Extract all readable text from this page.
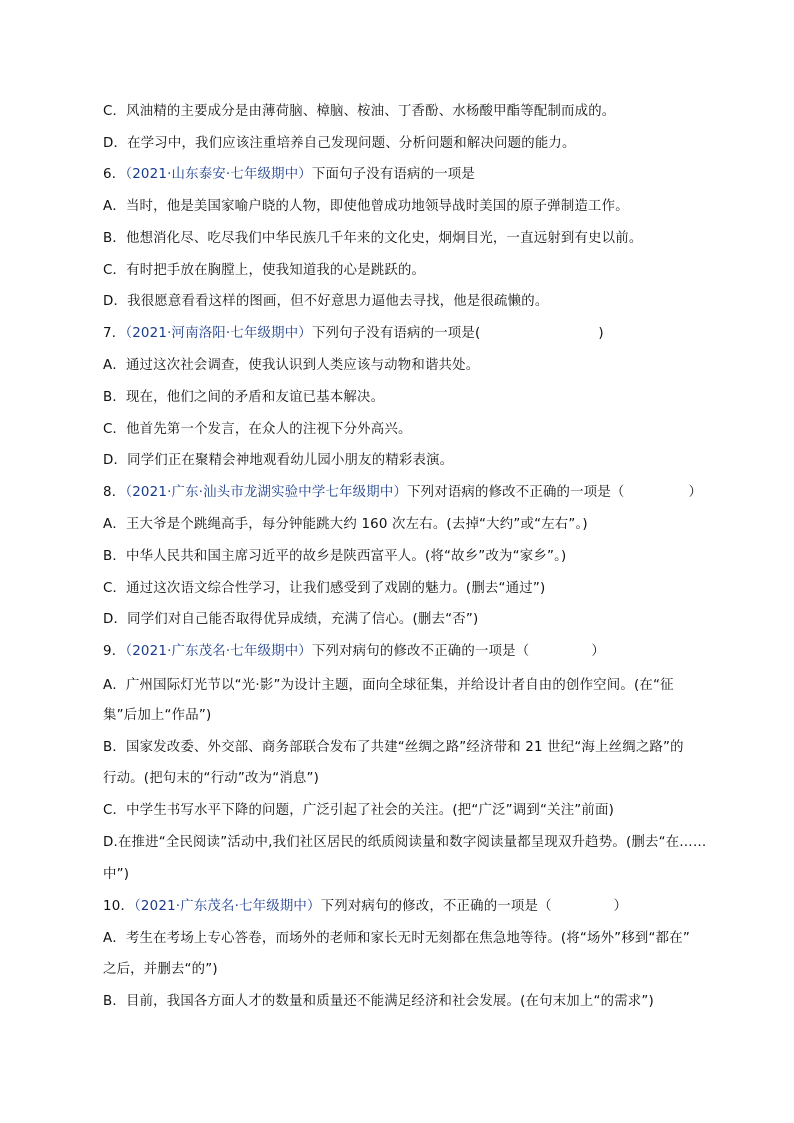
C．风油精的主要成分是由薄荷脑、樟脑、桉油、丁香酚、水杨酸甲酯等配制而成的。
D．在学习中，我们应该注重培养自己发现问题、分析问题和解决问题的能力。
6．（2021·山东泰安·七年级期中）下面句子没有语病的一项是
A．当时，他是美国家喻户晓的人物，即使他曾成功地领导战时美国的原子弹制造工作。
B．他想消化尽、吃尽我们中华民族几千年来的文化史，炯炯目光，一直远射到有史以前。
C．有时把手放在胸膛上，使我知道我的心是跳跃的。
D．我很愿意看看这样的图画，但不好意思力逼他去寻找，他是很疏懒的。
7．（2021·河南洛阳·七年级期中）下列句子没有语病的一项是(	)
A．通过这次社会调查，使我认识到人类应该与动物和谐共处。
B．现在，他们之间的矛盾和友谊已基本解决。
C．他首先第一个发言，在众人的注视下分外高兴。
D．同学们正在聚精会神地观看幼儿园小朋友的精彩表演。
8．（2021·广东·汕头市龙湖实验中学七年级期中）下列对语病的修改不正确的一项是（	）
A．王大爷是个跳绳高手，每分钟能跳大约 160 次左右。(去掉“大约”或“左右”。)
B．中华人民共和国主席习近平的故乡是陕西富平人。(将“故乡”改为“家乡”。)
C．通过这次语文综合性学习，让我们感受到了戏剧的魅力。(删去“通过”)
D．同学们对自己能否取得优异成绩，充满了信心。(删去“否”)
9．（2021·广东茂名·七年级期中）下列对病句的修改不正确的一项是（	）
A．广州国际灯光节以“光·影”为设计主题，面向全球征集，并给设计者自由的创作空间。(在“征
集”后加上“作品”)
B．国家发改委、外交部、商务部联合发布了共建“丝绸之路”经济带和 21 世纪“海上丝绸之路”的
行动。(把句末的“行动”改为“消息”)
C．中学生书写水平下降的问题，广泛引起了社会的关注。(把“广泛”调到“关注”前面)
D.在推进“全民阅读”活动中,我们社区居民的纸质阅读量和数字阅读量都呈现双升趋势。(删去“在……
中”)
10．（2021·广东茂名·七年级期中）下列对病句的修改，不正确的一项是（	）
A．考生在考场上专心答卷，而场外的老师和家长无时无刻都在焦急地等待。(将“场外”移到“都在”
之后，并删去“的”)
B．目前，我国各方面人才的数量和质量还不能满足经济和社会发展。(在句末加上“的需求”)
